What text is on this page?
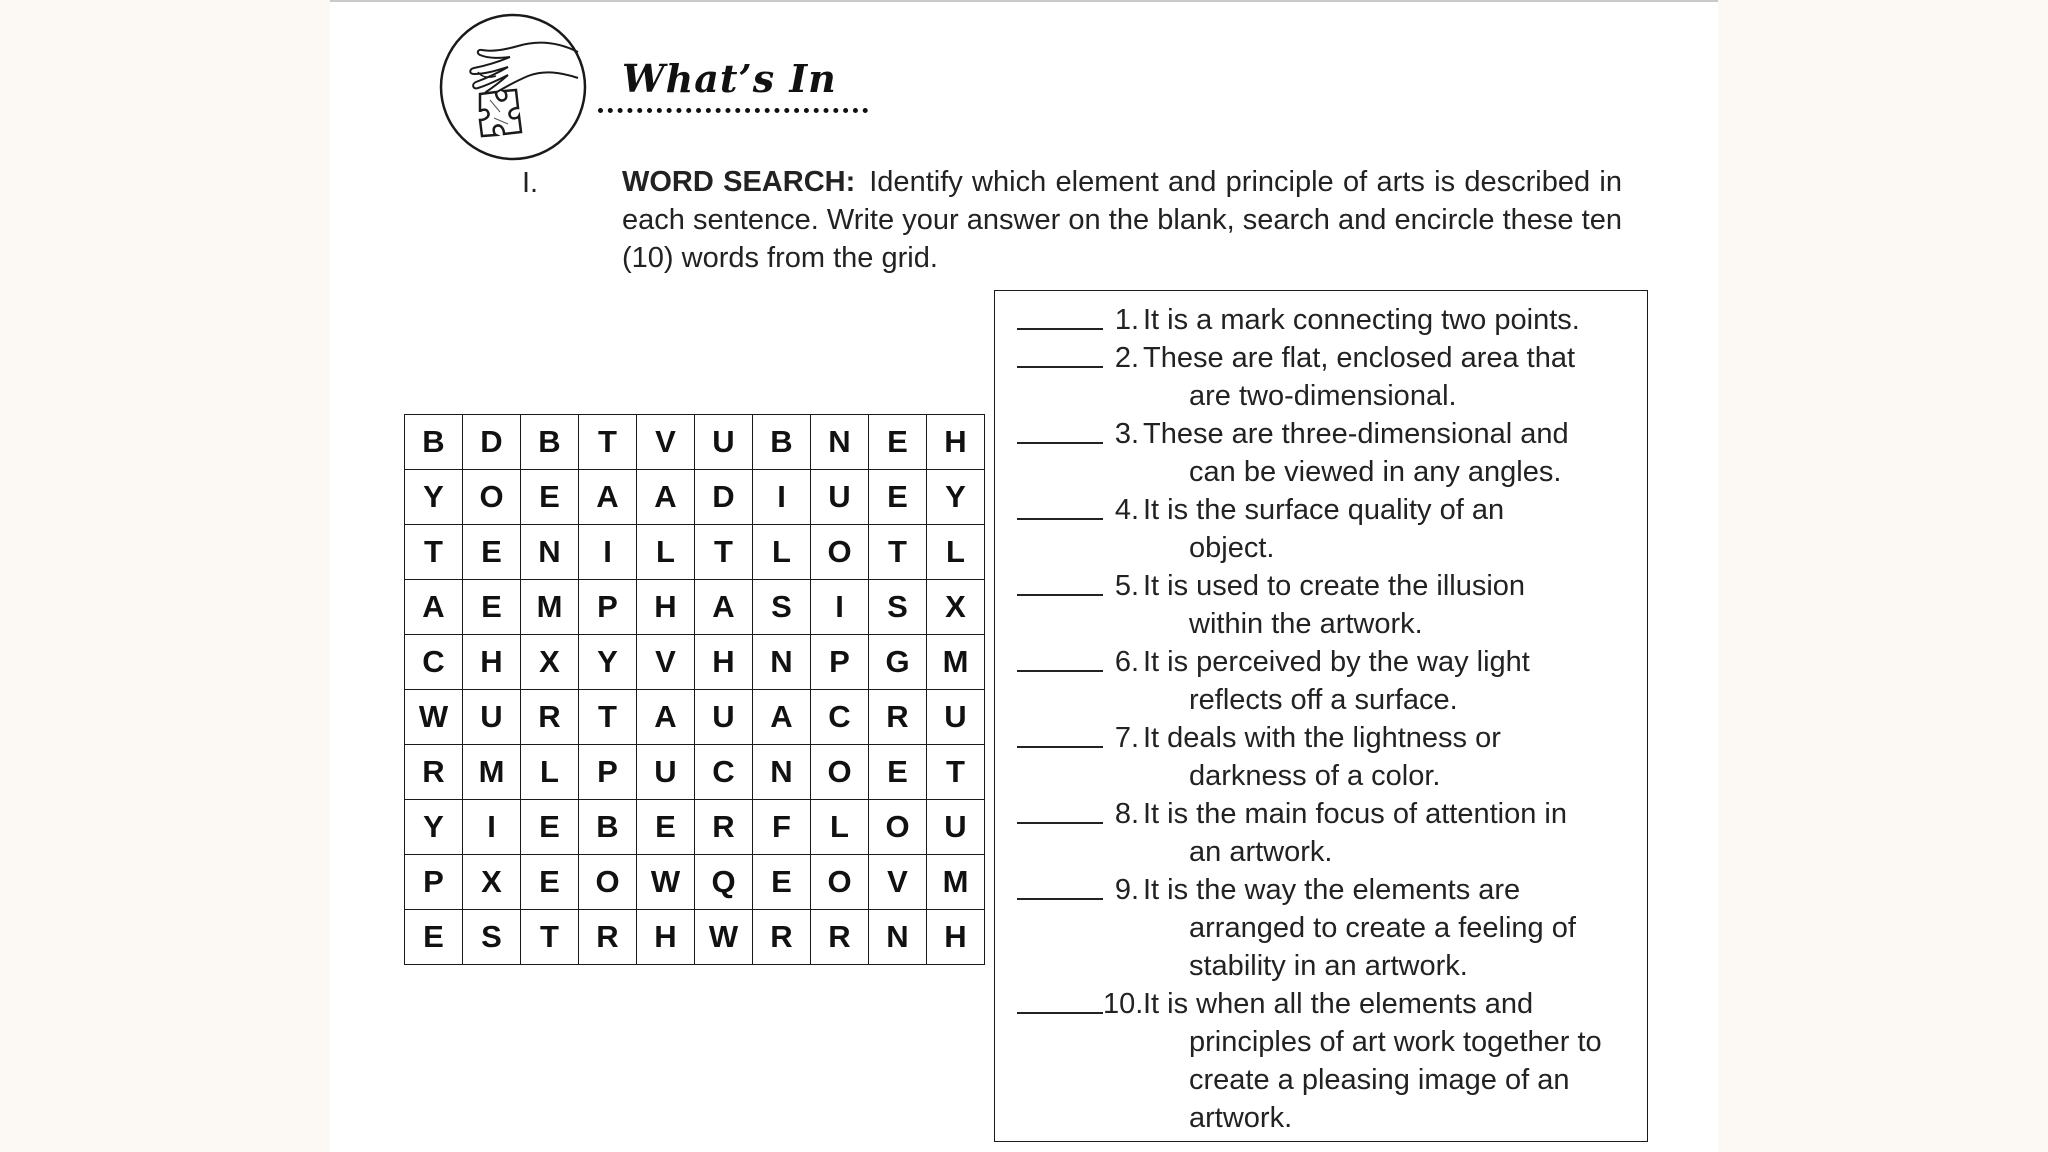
What’s In
I.	WORD SEARCH: Identify which element and principle of arts is described in each sentence. Write your answer on the blank, search and encircle these ten (10) words from the grid.
B	D	B	T	V	U	B	N	E	H
Y	O	E	A	A	D	I	U	E	Y
T	E	N	I	L	T	L	O	T	L
A	E	M	P	H	A	S	I	S	X
C	H	X	Y	V	H	N	P	G	M
W	U	R	T	A	U	A	C	R	U
R	M	L	P	U	C	N	O	E	T
Y	I	E	B	E	R	F	L	O	U
P	X	E	O	W	Q	E	O	V	M
E	S	T	R	H	W	R	R	N	H
1. It is a mark connecting two points.
2. These are flat, enclosed area that
are two-dimensional.
3. These are three-dimensional and
can be viewed in any angles.
4. It is the surface quality of an
object.
5. It is used to create the illusion
within the artwork.
6. It is perceived by the way light
reflects off a surface.
7. It deals with the lightness or
darkness of a color.
8. It is the main focus of attention in
an artwork.
9. It is the way the elements are
arranged to create a feeling of
stability in an artwork.
10. It is when all the elements and
principles of art work together to
create a pleasing image of an
artwork.
